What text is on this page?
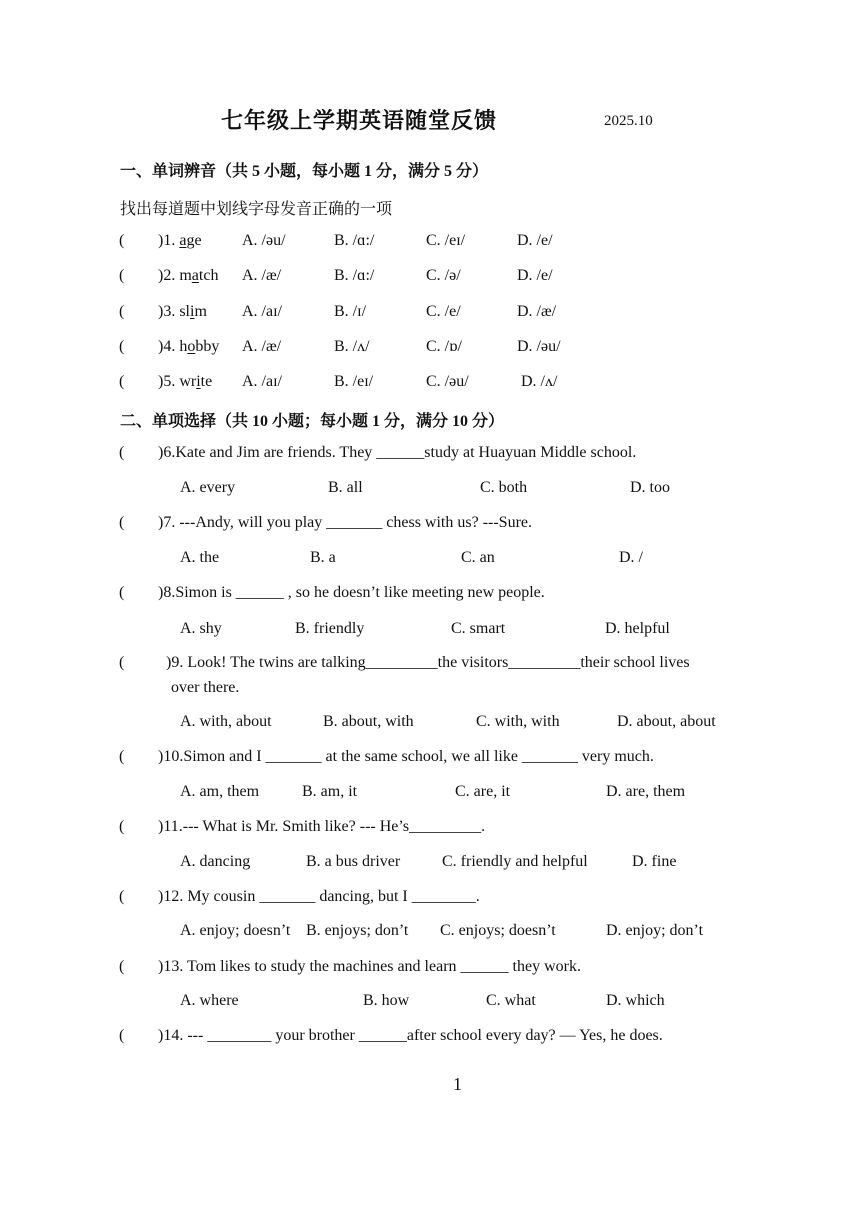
七年级上学期英语随堂反馈	2025.10
一、单词辨音（共 5 小题，每小题 1 分，满分 5 分）
找出每道题中划线字母发音正确的一项
( )1. age	A. /əu/	B. /ɑ:/	C. /eɪ/	D. /e/
( )2. match A. /æ/	B. /ɑ:/	C. /ə/	D. /e/
( )3. slim A. /aɪ/	B. /ɪ/	C. /e/	D. /æ/
( )4. hobby A. /æ/	B. /ʌ/	C. /ɒ/	D. /əu/
( )5. write A. /aɪ/	B. /eɪ/	C. /əu/	D. /ʌ/
二、单项选择（共 10 小题；每小题 1 分，满分 10 分）
( )6.Kate and Jim are friends. They ______study at Huayuan Middle school.
A. every	B. all	C. both	D. too
( )7. ---Andy, will you play _______ chess with us? ---Sure.
A. the	B. a	C. an	D. /
( )8.Simon is ______ , so he doesn’t like meeting new people.
A. shy	B. friendly	C. smart	D. helpful
(	)9. Look! The twins are talking_________the visitors_________their school lives
over there.
A. with, about	B. about, with	C. with, with	D. about, about
( )10.Simon and I _______ at the same school, we all like _______ very much.
A. am, them	B. am, it	C. are, it	D. are, them
( )11.--- What is Mr. Smith like? --- He’s_________.
A. dancing	B. a bus driver	C. friendly and helpful	D. fine
( )12. My cousin _______ dancing, but I ________.
A. enjoy; doesn’t B. enjoys; don’t C. enjoys; doesn’t	D. enjoy; don’t
( )13. Tom likes to study the machines and learn ______ they work.
A. where	B. how	C. what	D. which
( )14. --- ________ your brother ______after school every day? — Yes, he does.
1
